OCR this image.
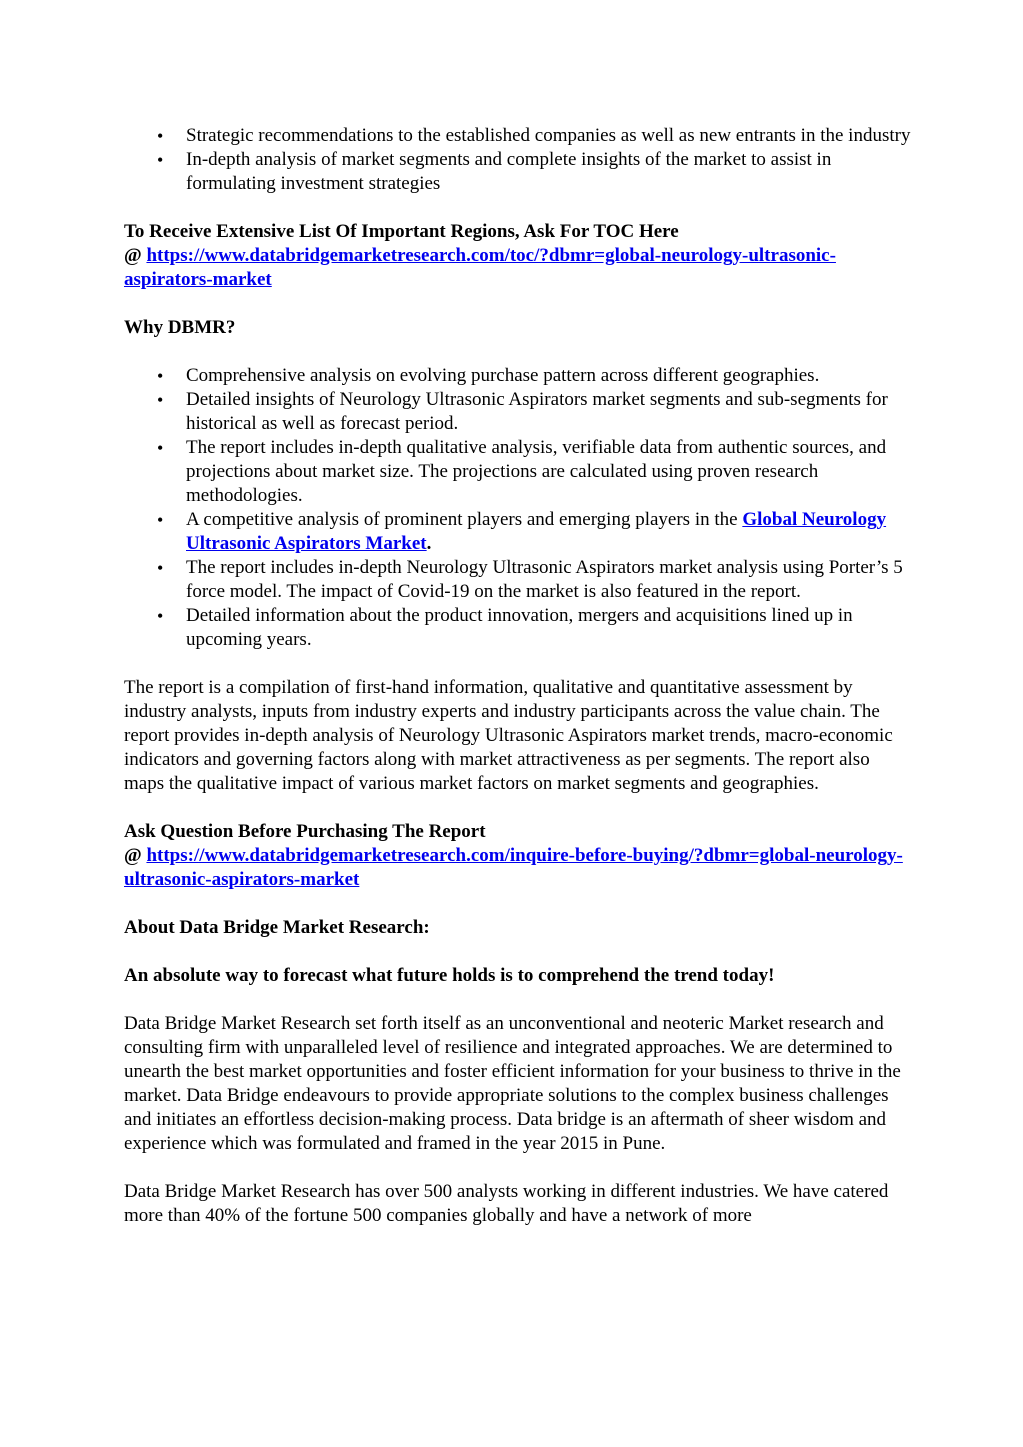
• Strategic recommendations to the established companies as well as new entrants in the industry
• In-depth analysis of market segments and complete insights of the market to assist in formulating investment strategies

To Receive Extensive List Of Important Regions, Ask For TOC Here

@ https://www.databridgemarketresearch.com/toc/?dbmr=global-neurology-ultrasonic-aspirators-market

Why DBMR?

• Comprehensive analysis on evolving purchase pattern across different geographies.
• Detailed insights of Neurology Ultrasonic Aspirators market segments and sub-segments for historical as well as forecast period.
• The report includes in-depth qualitative analysis, verifiable data from authentic sources, and projections about market size. The projections are calculated using proven research methodologies.
• A competitive analysis of prominent players and emerging players in the Global Neurology Ultrasonic Aspirators Market.
• The report includes in-depth Neurology Ultrasonic Aspirators market analysis using Porter’s 5 force model. The impact of Covid-19 on the market is also featured in the report.
• Detailed information about the product innovation, mergers and acquisitions lined up in upcoming years.

The report is a compilation of first-hand information, qualitative and quantitative assessment by industry analysts, inputs from industry experts and industry participants across the value chain. The report provides in-depth analysis of Neurology Ultrasonic Aspirators market trends, macro-economic indicators and governing factors along with market attractiveness as per segments. The report also maps the qualitative impact of various market factors on market segments and geographies.

Ask Question Before Purchasing The Report

@ https://www.databridgemarketresearch.com/inquire-before-buying/?dbmr=global-neurology-ultrasonic-aspirators-market

About Data Bridge Market Research:

An absolute way to forecast what future holds is to comprehend the trend today!

Data Bridge Market Research set forth itself as an unconventional and neoteric Market research and consulting firm with unparalleled level of resilience and integrated approaches. We are determined to unearth the best market opportunities and foster efficient information for your business to thrive in the market. Data Bridge endeavours to provide appropriate solutions to the complex business challenges and initiates an effortless decision-making process. Data bridge is an aftermath of sheer wisdom and experience which was formulated and framed in the year 2015 in Pune.

Data Bridge Market Research has over 500 analysts working in different industries. We have catered more than 40% of the fortune 500 companies globally and have a network of more
